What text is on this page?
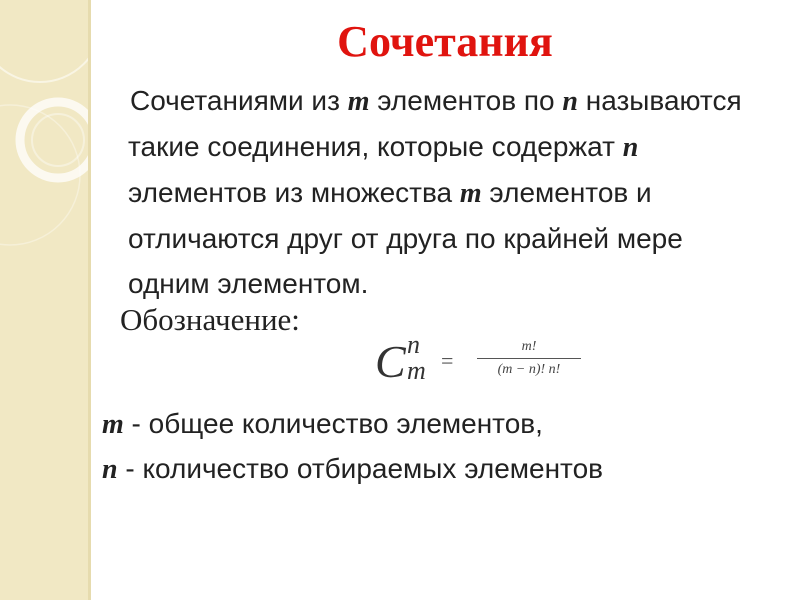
Сочетания
Сочетаниями из m элементов по n называются такие соединения, которые содержат n элементов из множества m элементов и отличаются друг от друга по крайней мере одним элементом.
Обозначение:
C n
m =
m!
(m − n)! n!
m - общее количество элементов,
n - количество отбираемых элементов
